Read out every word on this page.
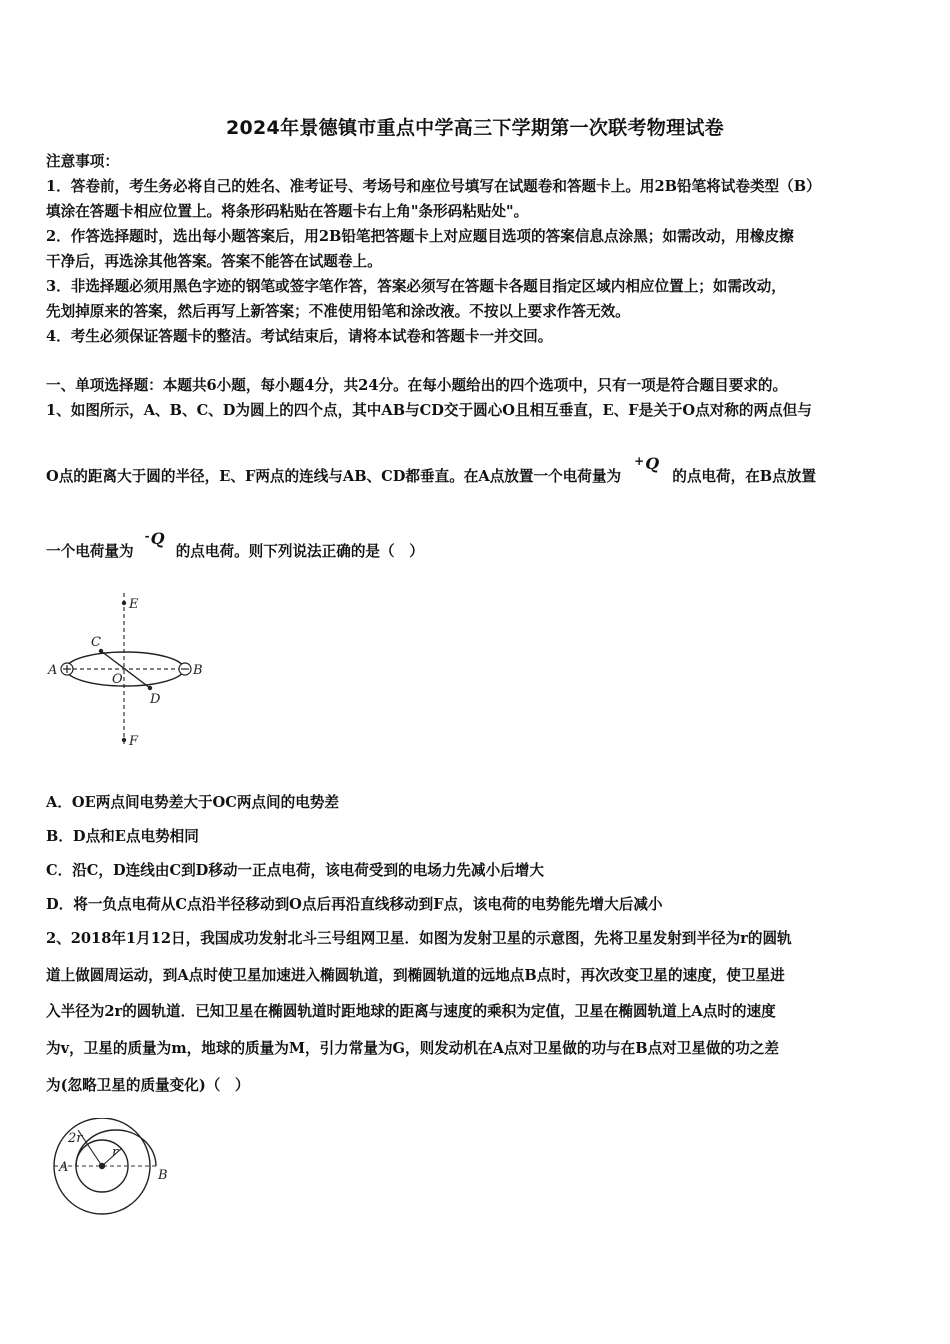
2024年景德镇市重点中学高三下学期第一次联考物理试卷
注意事项：
1．答卷前，考生务必将自己的姓名、准考证号、考场号和座位号填写在试题卷和答题卡上。用2B铅笔将试卷类型（B）
填涂在答题卡相应位置上。将条形码粘贴在答题卡右上角"条形码粘贴处"。
2．作答选择题时，选出每小题答案后，用2B铅笔把答题卡上对应题目选项的答案信息点涂黑；如需改动，用橡皮擦
干净后，再选涂其他答案。答案不能答在试题卷上。
3．非选择题必须用黑色字迹的钢笔或签字笔作答，答案必须写在答题卡各题目指定区域内相应位置上；如需改动，
先划掉原来的答案，然后再写上新答案；不准使用铅笔和涂改液。不按以上要求作答无效。
4．考生必须保证答题卡的整洁。考试结束后，请将本试卷和答题卡一并交回。
一、单项选择题：本题共6小题，每小题4分，共24分。在每小题给出的四个选项中，只有一项是符合题目要求的。
1、如图所示，A、B、C、D为圆上的四个点，其中AB与CD交于圆心O且相互垂直，E、F是关于O点对称的两点但与
O点的距离大于圆的半径，E、F两点的连线与AB、CD都垂直。在A点放置一个电荷量为 +Q 的点电荷，在B点放置
一个电荷量为 -Q 的点电荷。则下列说法正确的是（　）
E
C
A
O
B
D
F
A．OE两点间电势差大于OC两点间的电势差
B．D点和E点电势相同
C．沿C，D连线由C到D移动一正点电荷，该电荷受到的电场力先减小后增大
D．将一负点电荷从C点沿半径移动到O点后再沿直线移动到F点，该电荷的电势能先增大后减小
2、2018年1月12日，我国成功发射北斗三号组网卫星．如图为发射卫星的示意图，先将卫星发射到半径为r的圆轨
道上做圆周运动，到A点时使卫星加速进入椭圆轨道，到椭圆轨道的远地点B点时，再次改变卫星的速度，使卫星进
入半径为2r的圆轨道．已知卫星在椭圆轨道时距地球的距离与速度的乘积为定值，卫星在椭圆轨道上A点时的速度
为v，卫星的质量为m，地球的质量为M，引力常量为G，则发动机在A点对卫星做的功与在B点对卫星做的功之差
为(忽略卫星的质量变化)（　）
2r
r
A
B
